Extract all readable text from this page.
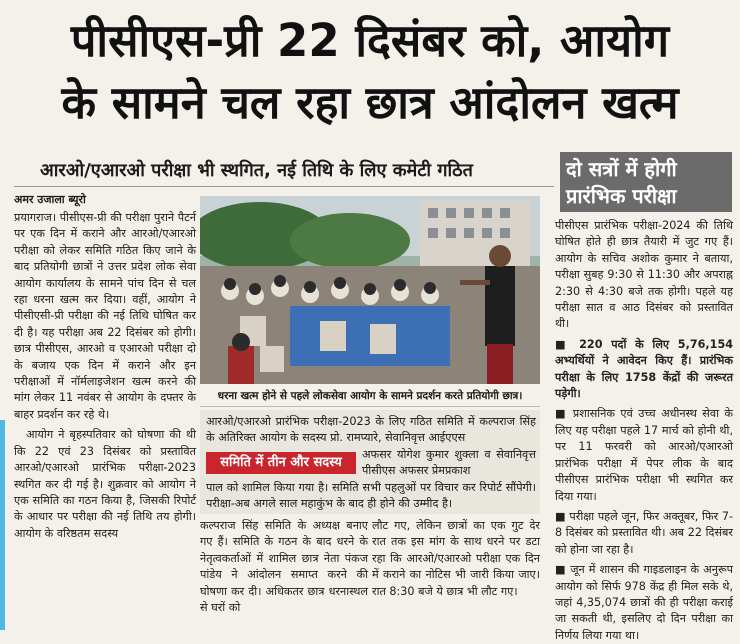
पीसीएस-प्री 22 दिसंबर को, आयोग
के सामने चल रहा छात्र आंदोलन खत्म
आरओ/एआरओ परीक्षा भी स्थगित, नई तिथि के लिए कमेटी गठित	दो सत्रों में होगी
प्रारंभिक परीक्षा
अमर उजाला ब्यूरो

प्रयागराज। पीसीएस-प्री की परीक्षा पुराने पैटर्न पर एक दिन में कराने और आरओ/एआरओ परीक्षा को लेकर समिति गठित किए जाने के बाद प्रतियोगी छात्रों ने उत्तर प्रदेश लोक सेवा आयोग कार्यालय के सामने पांच दिन से चल रहा धरना खत्म कर दिया। वहीं, आयोग ने पीसीएसी-प्री परीक्षा की नई तिथि घोषित कर दी है। यह परीक्षा अब 22 दिसंबर को होगी। छात्र पीसीएस, आरओ व एआरओ परीक्षा दो के बजाय एक दिन में कराने और इन परीक्षाओं में नॉर्मलाइजेशन खत्म करने की मांग लेकर 11 नवंबर से आयोग के दफ्तर के बाहर प्रदर्शन कर रहे थे।

आयोग ने बृहस्पतिवार को घोषणा की थी कि 22 एवं 23 दिसंबर को प्रस्तावित आरओ/एआरओ प्रारंभिक परीक्षा-2023 स्थगित कर दी गई है। शुक्रवार को आयोग ने एक समिति का गठन किया है, जिसकी रिपोर्ट के आधार पर परीक्षा की नई तिथि तय होगी। आयोग के वरिष्ठतम सदस्य

धरना खत्म होने से पहले लोकसेवा आयोग के सामने प्रदर्शन करते प्रतियोगी छात्र।
आरओ/एआरओ प्रारंभिक परीक्षा-2023 के लिए गठित समिति में कल्पराज सिंह के अतिरिक्त आयोग के सदस्य प्रो. रामप्यारे, सेवानिवृत्त आईएएस
अफसर योगेश कुमार शुक्ला व सेवानिवृत्त पीसीएस अफसर प्रेमप्रकाश
पाल को शामिल किया गया है। समिति सभी पहलुओं पर विचार कर रिपोर्ट सौंपेगी। परीक्षा-अब अगले साल महाकुंभ के बाद ही होने की उम्मीद है।
समिति में तीन और सदस्य

कल्पराज सिंह समिति के अध्यक्ष बनाए गए हैं। समिति के गठन के बाद धरने के नेतृत्वकर्ताओं में शामिल छात्र नेता पंकज पांडेय ने आंदोलन समाप्त करने की घोषणा कर दी। अधिकतर छात्र धरनास्थल से घरों को

लौट गए, लेकिन छात्रों का एक गुट देर रात तक इस मांग के साथ धरने पर डटा रहा कि आरओ/एआरओ परीक्षा एक दिन में कराने का नोटिस भी जारी किया जाए। रात 8:30 बजे ये छात्र भी लौट गए।

पीसीएस प्रारंभिक परीक्षा-2024 की तिथि घोषित होते ही छात्र तैयारी में जुट गए हैं। आयोग के सचिव अशोक कुमार ने बताया, परीक्षा सुबह 9:30 से 11:30 और अपराह्न 2:30 से 4:30 बजे तक होगी। पहले यह परीक्षा सात व आठ दिसंबर को प्रस्तावित थी।

■ 220 पदों के लिए 5,76,154 अभ्यर्थियों ने आवेदन किए हैं। प्रारंभिक परीक्षा के लिए 1758 केंद्रों की जरूरत पड़ेगी।

■ प्रशासनिक एवं उच्च अधीनस्थ सेवा के लिए यह परीक्षा पहले 17 मार्च को होनी थी, पर 11 फरवरी को आरओ/एआरओ प्रारंभिक परीक्षा में पेपर लीक के बाद पीसीएस प्रारंभिक परीक्षा भी स्थगित कर दिया गया।

■ परीक्षा पहले जून, फिर अक्तूबर, फिर 7-8 दिसंबर को प्रस्तावित थी। अब 22 दिसंबर को होना जा रहा है।

■ जून में शासन की गाइडलाइन के अनुरूप आयोग को सिर्फ 978 केंद्र ही मिल सके थे, जहां 4,35,074 छात्रों की ही परीक्षा कराई जा सकती थी, इसलिए दो दिन परीक्षा का निर्णय लिया गया था।
